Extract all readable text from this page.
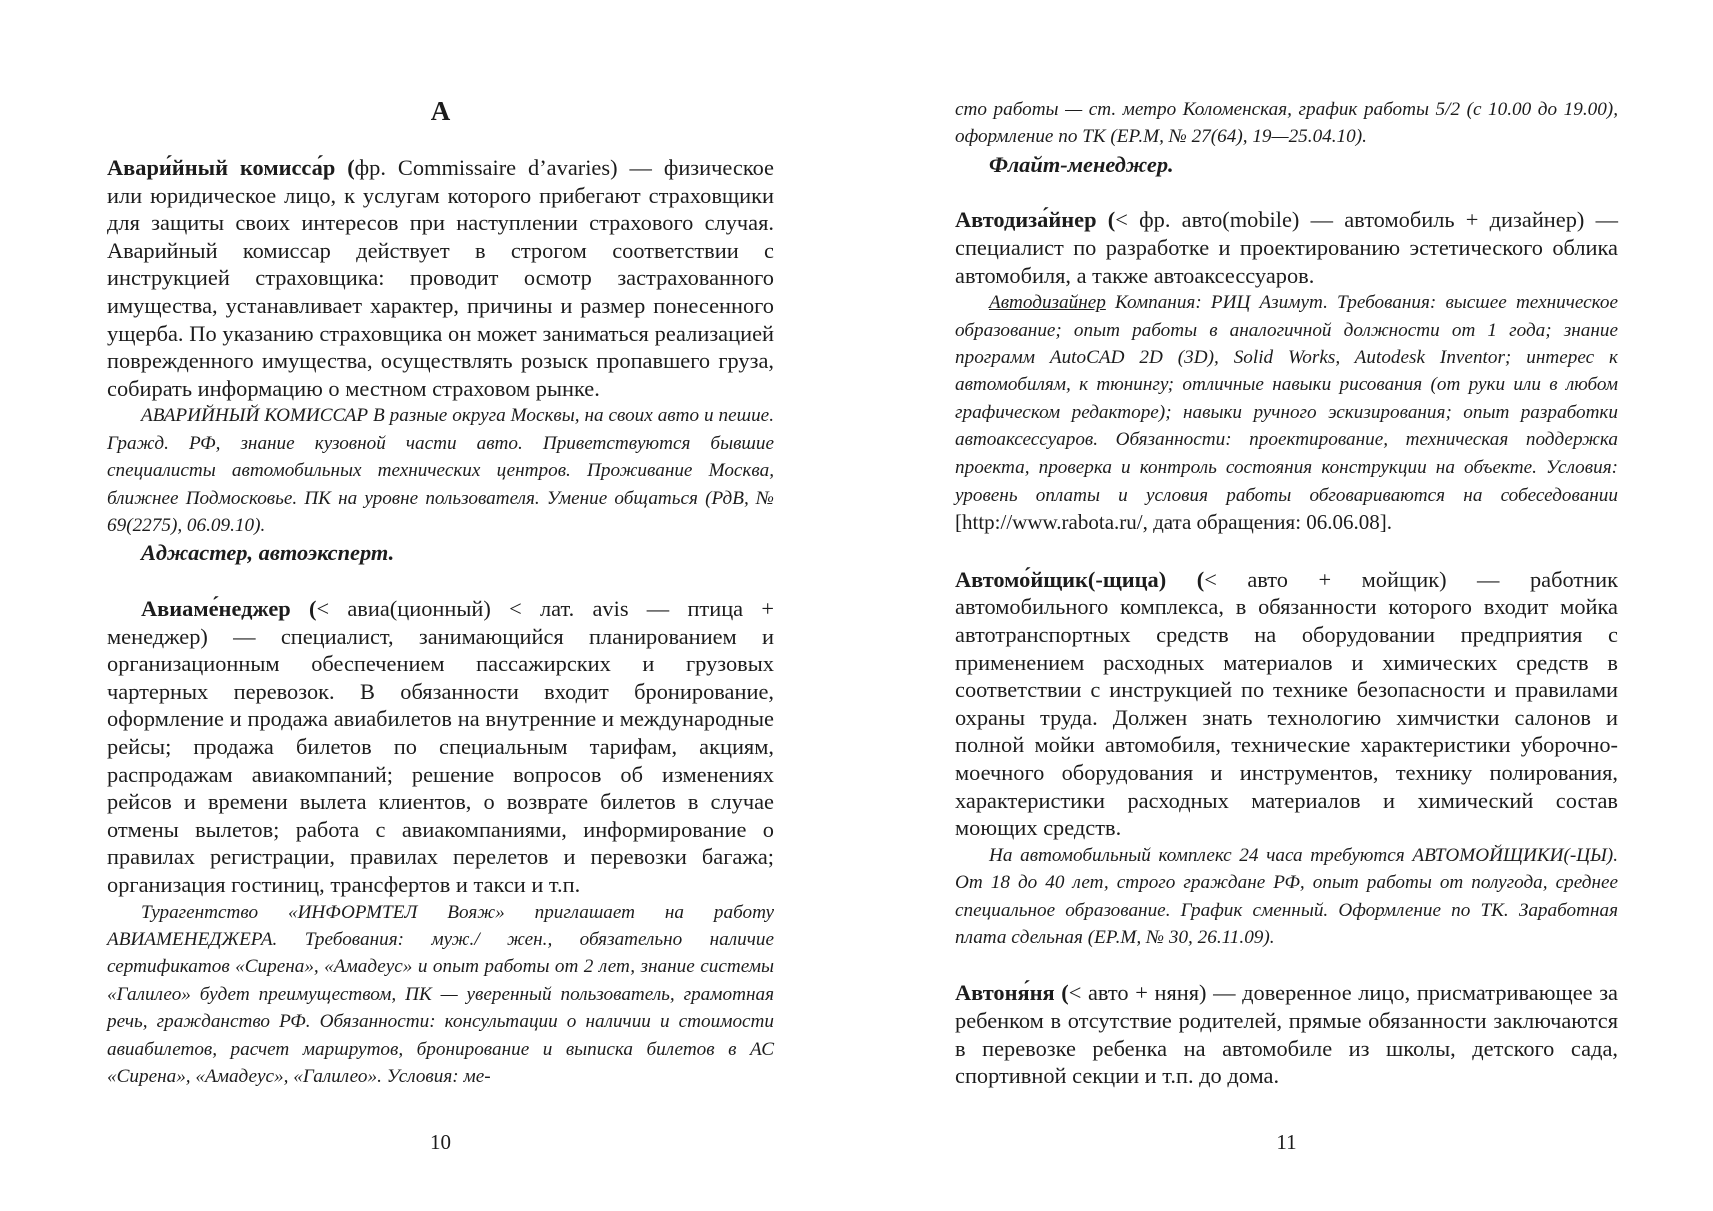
А

Авари́йный комисса́р (фр. Commissaire d’avaries) — физическое или юридическое лицо, к услугам которого прибегают страховщики для защиты своих интересов при наступлении страхового случая. Аварийный комиссар действует в строгом соответствии с инструкцией страховщика: проводит осмотр застрахованного имущества, устанавливает характер, причины и размер понесенного ущерба. По указанию страховщика он может заниматься реализацией поврежденного имущества, осуществлять розыск пропавшего груза, собирать информацию о местном страховом рынке.

АВАРИЙНЫЙ КОМИССАР В разные округа Москвы, на своих авто и пешие. Гражд. РФ, знание кузовной части авто. Приветствуются бывшие специалисты автомобильных технических центров. Проживание Москва, ближнее Подмосковье. ПК на уровне пользователя. Умение общаться (РдВ, № 69(2275), 06.09.10).

Аджастер, автоэксперт.

Авиаме́неджер (< авиа(ционный) < лат. avis — птица + менеджер) — специалист, занимающийся планированием и организационным обеспечением пассажирских и грузовых чартерных перевозок. В обязанности входит бронирование, оформление и продажа авиабилетов на внутренние и международные рейсы; продажа билетов по специальным тарифам, акциям, распродажам авиакомпаний; решение вопросов об изменениях рейсов и времени вылета клиентов, о возврате билетов в случае отмены вылетов; работа с авиакомпаниями, информирование о правилах регистрации, правилах перелетов и перевозки багажа; организация гостиниц, трансфертов и такси и т.п.

Турагентство «ИНФОРМТЕЛ Вояж» приглашает на работу АВИАМЕНЕДЖЕРА. Требования: муж./ жен., обязательно наличие сертификатов «Сирена», «Амадеус» и опыт работы от 2 лет, знание системы «Галилео» будет преимуществом, ПК — уверенный пользователь, грамотная речь, гражданство РФ. Обязанности: консультации о наличии и стоимости авиабилетов, расчет маршрутов, бронирование и выписка билетов в АС «Сирена», «Амадеус», «Галилео». Условия: ме-

10

сто работы — ст. метро Коломенская, график работы 5/2 (с 10.00 до 19.00), оформление по ТК (ЕР.М, № 27(64), 19—25.04.10).

Флайт-менеджер.

Автодиза́йнер (< фр. авто(mobile) — автомобиль + дизайнер) — специалист по разработке и проектированию эстетического облика автомобиля, а также автоаксессуаров.

Автодизайнер Компания: РИЦ Азимут. Требования: высшее техническое образование; опыт работы в аналогичной должности от 1 года; знание программ AutoCAD 2D (3D), Solid Works, Autodesk Inventor; интерес к автомобилям, к тюнингу; отличные навыки рисования (от руки или в любом графическом редакторе); навыки ручного эскизирования; опыт разработки автоаксессуаров. Обязанности: проектирование, техническая поддержка проекта, проверка и контроль состояния конструкции на объекте. Условия: уровень оплаты и условия работы обговариваются на собеседовании [http://www.rabota.ru/, дата обращения: 06.06.08].

Автомо́йщик(-щица) (< авто + мойщик) — работник автомобильного комплекса, в обязанности которого входит мойка автотранспортных средств на оборудовании предприятия с применением расходных материалов и химических средств в соответствии с инструкцией по технике безопасности и правилами охраны труда. Должен знать технологию химчистки салонов и полной мойки автомобиля, технические характеристики уборочно-моечного оборудования и инструментов, технику полирования, характеристики расходных материалов и химический состав моющих средств.

На автомобильный комплекс 24 часа требуются АВТОМОЙЩИКИ(-ЦЫ). От 18 до 40 лет, строго граждане РФ, опыт работы от полугода, среднее специальное образование. График сменный. Оформление по ТК. Заработная плата сдельная (ЕР.М, № 30, 26.11.09).

Автоня́ня (< авто + няня) — доверенное лицо, присматривающее за ребенком в отсутствие родителей, прямые обязанности заключаются в перевозке ребенка на автомобиле из школы, детского сада, спортивной секции и т.п. до дома.

11
